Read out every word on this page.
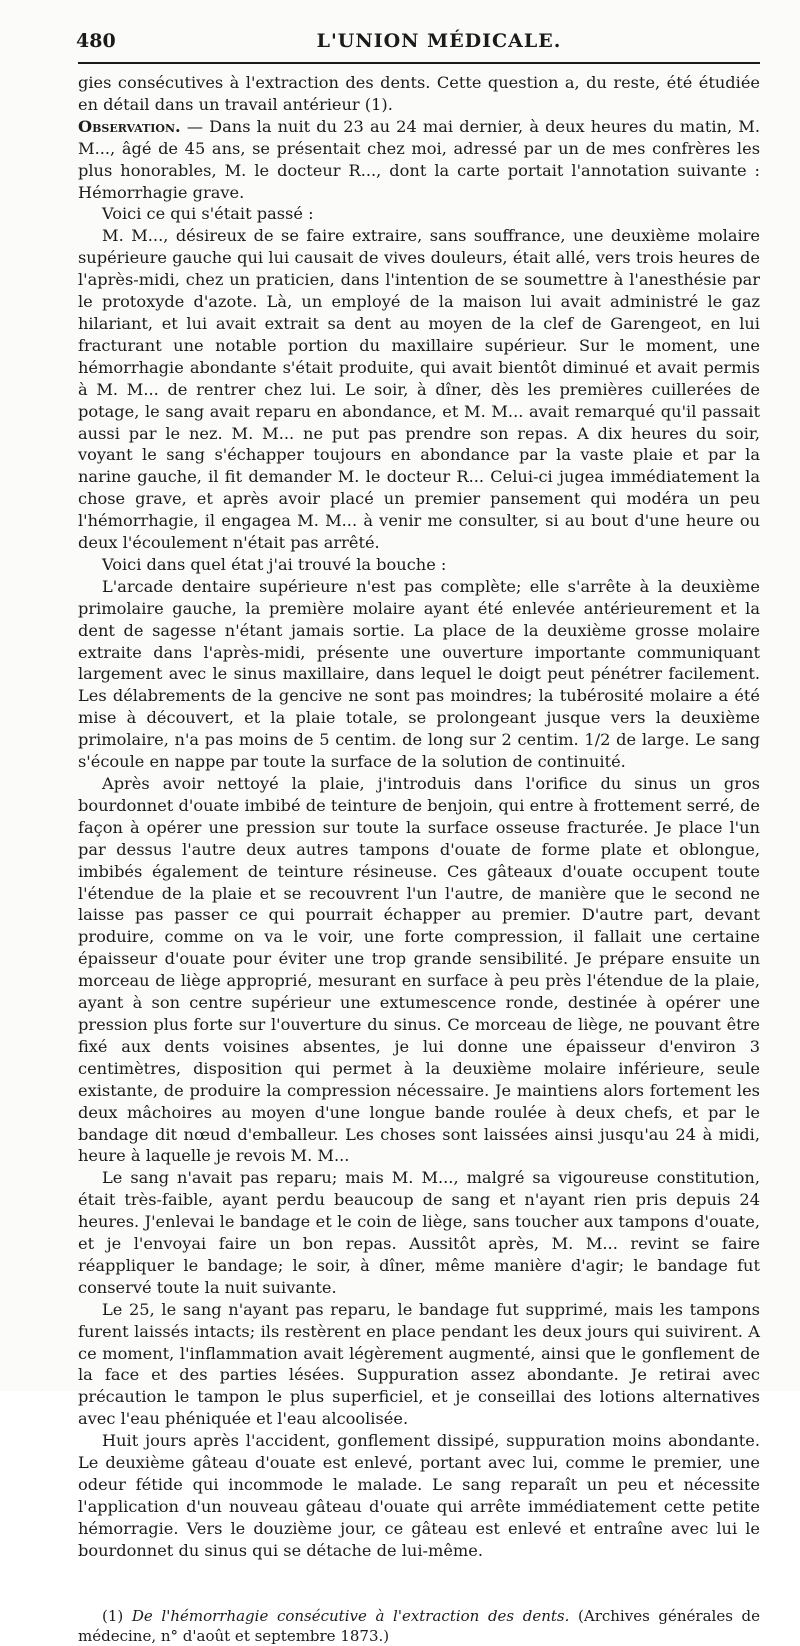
480	L'UNION MÉDICALE.

gies consécutives à l'extraction des dents. Cette question a, du reste, été étudiée en détail dans un travail antérieur (1).

Observation. — Dans la nuit du 23 au 24 mai dernier, à deux heures du matin, M. M..., âgé de 45 ans, se présentait chez moi, adressé par un de mes confrères les plus honorables, M. le docteur R..., dont la carte portait l'annotation suivante : Hémorrhagie grave.

Voici ce qui s'était passé :

M. M..., désireux de se faire extraire, sans souffrance, une deuxième molaire supérieure gauche qui lui causait de vives douleurs, était allé, vers trois heures de l'après-midi, chez un praticien, dans l'intention de se soumettre à l'anesthésie par le protoxyde d'azote. Là, un employé de la maison lui avait administré le gaz hilariant, et lui avait extrait sa dent au moyen de la clef de Garengeot, en lui fracturant une notable portion du maxillaire supérieur. Sur le moment, une hémorrhagie abondante s'était produite, qui avait bientôt diminué et avait permis à M. M... de rentrer chez lui. Le soir, à dîner, dès les premières cuillerées de potage, le sang avait reparu en abondance, et M. M... avait remarqué qu'il passait aussi par le nez. M. M... ne put pas prendre son repas. A dix heures du soir, voyant le sang s'échapper toujours en abondance par la vaste plaie et par la narine gauche, il fit demander M. le docteur R... Celui-ci jugea immédiatement la chose grave, et après avoir placé un premier pansement qui modéra un peu l'hémorrhagie, il engagea M. M... à venir me consulter, si au bout d'une heure ou deux l'écoulement n'était pas arrêté.

Voici dans quel état j'ai trouvé la bouche :

L'arcade dentaire supérieure n'est pas complète; elle s'arrête à la deuxième primolaire gauche, la première molaire ayant été enlevée antérieurement et la dent de sagesse n'étant jamais sortie. La place de la deuxième grosse molaire extraite dans l'après-midi, présente une ouverture importante communiquant largement avec le sinus maxillaire, dans lequel le doigt peut pénétrer facilement. Les délabrements de la gencive ne sont pas moindres; la tubérosité molaire a été mise à découvert, et la plaie totale, se prolongeant jusque vers la deuxième primolaire, n'a pas moins de 5 centim. de long sur 2 centim. 1/2 de large. Le sang s'écoule en nappe par toute la surface de la solution de continuité.

Après avoir nettoyé la plaie, j'introduis dans l'orifice du sinus un gros bourdonnet d'ouate imbibé de teinture de benjoin, qui entre à frottement serré, de façon à opérer une pression sur toute la surface osseuse fracturée. Je place l'un par dessus l'autre deux autres tampons d'ouate de forme plate et oblongue, imbibés également de teinture résineuse. Ces gâteaux d'ouate occupent toute l'étendue de la plaie et se recouvrent l'un l'autre, de manière que le second ne laisse pas passer ce qui pourrait échapper au premier. D'autre part, devant produire, comme on va le voir, une forte compression, il fallait une certaine épaisseur d'ouate pour éviter une trop grande sensibilité. Je prépare ensuite un morceau de liège approprié, mesurant en surface à peu près l'étendue de la plaie, ayant à son centre supérieur une extumescence ronde, destinée à opérer une pression plus forte sur l'ouverture du sinus. Ce morceau de liège, ne pouvant être fixé aux dents voisines absentes, je lui donne une épaisseur d'environ 3 centimètres, disposition qui permet à la deuxième molaire inférieure, seule existante, de produire la compression nécessaire. Je maintiens alors fortement les deux mâchoires au moyen d'une longue bande roulée à deux chefs, et par le bandage dit nœud d'emballeur. Les choses sont laissées ainsi jusqu'au 24 à midi, heure à laquelle je revois M. M...

Le sang n'avait pas reparu; mais M. M..., malgré sa vigoureuse constitution, était très-faible, ayant perdu beaucoup de sang et n'ayant rien pris depuis 24 heures. J'enlevai le bandage et le coin de liège, sans toucher aux tampons d'ouate, et je l'envoyai faire un bon repas. Aussitôt après, M. M... revint se faire réappliquer le bandage; le soir, à dîner, même manière d'agir; le bandage fut conservé toute la nuit suivante.

Le 25, le sang n'ayant pas reparu, le bandage fut supprimé, mais les tampons furent laissés intacts; ils restèrent en place pendant les deux jours qui suivirent. A ce moment, l'inflammation avait légèrement augmenté, ainsi que le gonflement de la face et des parties lésées. Suppuration assez abondante. Je retirai avec précaution le tampon le plus superficiel, et je conseillai des lotions alternatives avec l'eau phéniquée et l'eau alcoolisée.

Huit jours après l'accident, gonflement dissipé, suppuration moins abondante. Le deuxième gâteau d'ouate est enlevé, portant avec lui, comme le premier, une odeur fétide qui incommode le malade. Le sang reparaît un peu et nécessite l'application d'un nouveau gâteau d'ouate qui arrête immédiatement cette petite hémorragie. Vers le douzième jour, ce gâteau est enlevé et entraîne avec lui le bourdonnet du sinus qui se détache de lui-même.

(1) De l'hémorrhagie consécutive à l'extraction des dents. (Archives générales de médecine, n° d'août et septembre 1873.)
